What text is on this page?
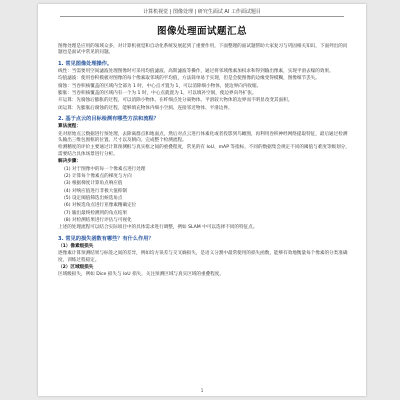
计算机视觉 | 图像处理 | 研究生面试 AI 工作面试题目
图像处理面试题汇总

图像处理是应用的领域众多，对计算机视觉和自动化系统发展起到了重要作用，下面整理的面试题帮助大家复习与巩固相关知识，下面列出的问题也是面试中常见的问题。

1. 常见图像处理操作。

线性：当需要用空间滤波处理图像时可采用均值滤波、高斯滤波等操作，通过将邻域像素加权求和得到输出像素，实现平滑去噪的效果。

均值滤波：使用卷积模板对图像的每个像素取邻域的平均值，方法简单易于实现，但是会使图像的边缘变得模糊，图像细节丢失。

腐蚀：当卷积核覆盖的区域内全部为 1 时，中心点才置为 1，可以消除细小物体，使边界向内收缩。

膨胀：当卷积核覆盖的区域内有一个为 1 时，中心点就置为 1，可以填补空洞，使边界向外扩张。

开运算：先腐蚀后膨胀的过程，可以消除小物体、在纤细点处分离物体、平滑较大物体的边界而不明显改变其面积。

闭运算：先膨胀后腐蚀的过程，能够填充物体内细小空洞、连接邻近物体、平滑边界。

2. 基于点云的目标检测有哪些方法和流程？

算法流程：

先对原始点云数据进行预处理，去除离群点和地面点，然后对点云进行体素化或者投影到鸟瞰图，再利用卷积神经网络提取特征，最后通过检测头输出三维包围框的位置、尺寸以及朝向，完成整个检测流程。

检测精度的评价主要通过计算预测框与真实框之间的重叠程度，常见的有 IoU、mAP 等指标，不同的数据集会规定不同的阈值与难度等级划分，需要结合具体场景进行分析。

解决步骤：

(1) 对于图像中的每一个像素点进行处理

(2) 计算每个像素点的梯度与方向

(3) 根据梯度计算角点响应值

(4) 对响应值进行非极大值抑制

(5) 设定阈值筛选出候选角点

(6) 对候选角点进行亚像素精确定位

(7) 输出最终检测到的角点结果

(8) 对检测结果进行评估与可视化

上述的处理流程可以结合实际项目中的具体需求进行调整，例如 SLAM 中可以选择不同的特征点。

3. 常见的损失函数有哪些？有什么作用？

（1）像素级损失

逐像素计算预测结果与标签之间的差异，例如均方误差与交叉熵损失，是语义分割中最常使用的损失函数，能够有效地衡量每个像素的分类准确度，训练过程稳定。

（2）区域级损失

区域级损失，例如 Dice 损失与 IoU 损失，关注预测区域与真实区域的重叠程度。

1
